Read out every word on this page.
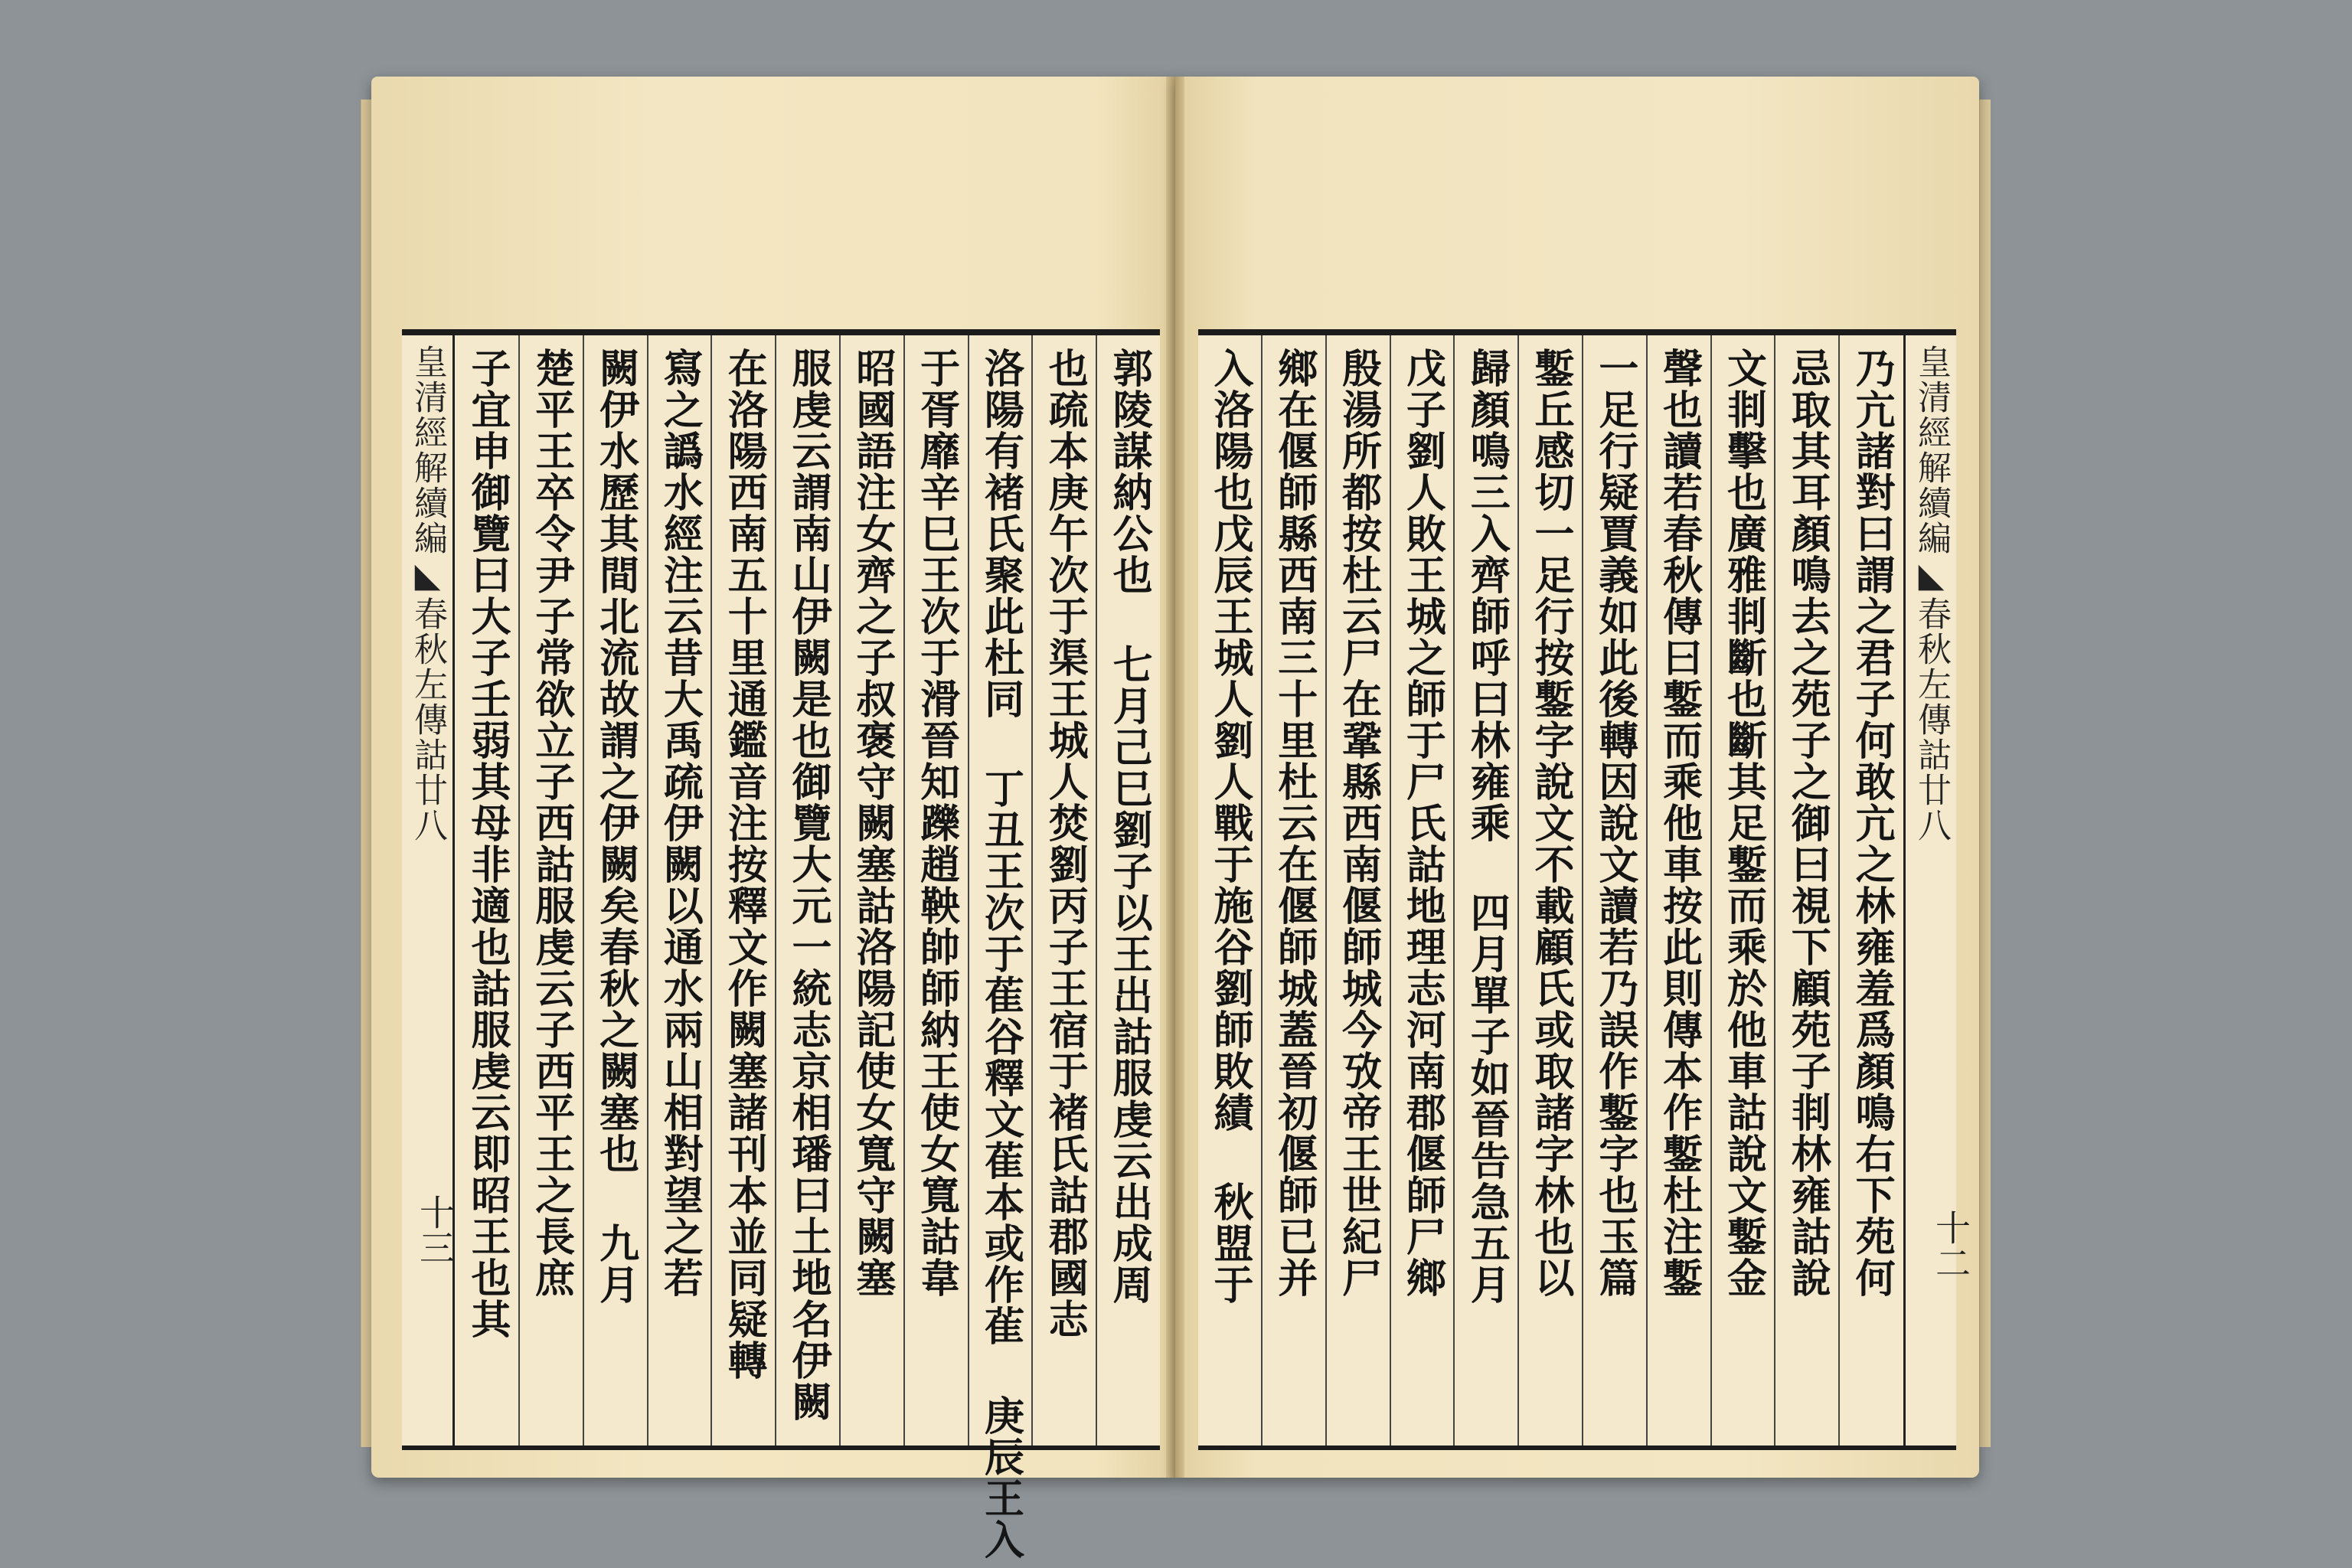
皇清經解續編◣春秋左傳詁廿八	郭陵謀納公也 七月己巳劉子以王出詁服虔云出成周
也疏本庚午次于渠王城人焚劉丙子王宿于褚氏詁郡國志
洛陽有褚氏聚此杜同 丁丑王次于萑谷釋文萑本或作雈 庚辰王入
于胥靡辛巳王次于滑晉知躒趙鞅帥師納王使女寬詁韋
昭國語注女齊之子叔褒守闕塞詁洛陽記使女寬守闕塞
服虔云謂南山伊闕是也御覽大元一統志京相璠曰土地名伊闕
在洛陽西南五十里通鑑音注按釋文作闕塞諸刊本並同疑轉
寫之譌水經注云昔大禹疏伊闕以通水兩山相對望之若
闕伊水歷其間北流故謂之伊闕矣春秋之闕塞也 九月
楚平王卒令尹子常欲立子西詁服虔云子西平王之長庶
子宜申御覽曰大子壬弱其母非適也詁服虔云即昭王也其
十三
皇清經解續編◣春秋左傳詁廿八
乃亢諸對曰謂之君子何敢亢之林雍羞爲顏鳴右下苑何
忌取其耳顏鳴去之苑子之御曰視下顧苑子剕林雍詁說
文剕擊也廣雅剕斷也斷其足鏨而乘於他車詁說文鏨金
聲也讀若春秋傳曰鏨而乘他車按此則傳本作鏨杜注鏨
一足行疑賈義如此後轉因說文讀若乃誤作鏨字也玉篇
鏨丘感切一足行按鏨字說文不載顧氏或取諸字林也以
歸顏鳴三入齊師呼曰林雍乘 四月單子如晉告急五月
戊子劉人敗王城之師于尸氏詁地理志河南郡偃師尸鄉
殷湯所都按杜云尸在鞏縣西南偃師城今攷帝王世紀尸
鄉在偃師縣西南三十里杜云在偃師城蓋晉初偃師已并
入洛陽也戊辰王城人劉人戰于施谷劉師敗績 秋盟于	十二
